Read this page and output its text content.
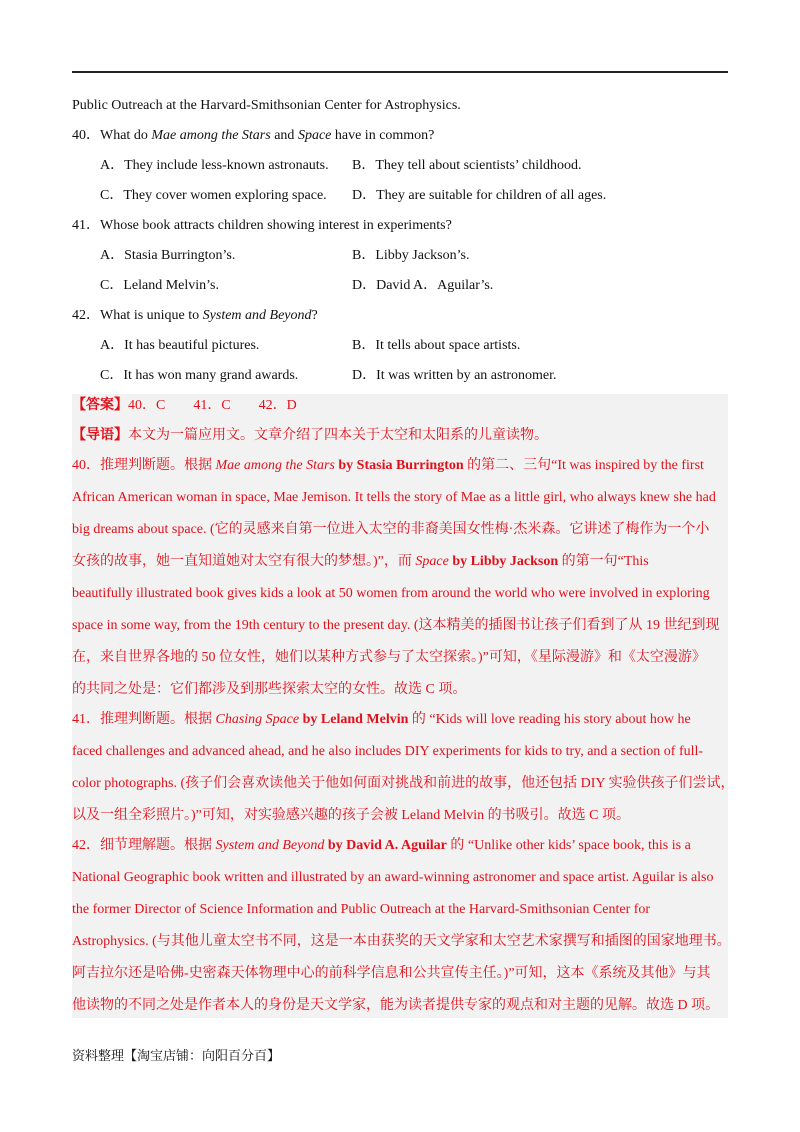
Public Outreach at the Harvard-Smithsonian Center for Astrophysics.
40．What do Mae among the Stars and Space have in common?
A．They include less-known astronauts. B．They tell about scientists’ childhood.
C．They cover women exploring space. D．They are suitable for children of all ages.
41．Whose book attracts children showing interest in experiments?
A．Stasia Burrington’s.	B．Libby Jackson’s.
C．Leland Melvin’s.	D．David A．Aguilar’s.
42．What is unique to System and Beyond?
A．It has beautiful pictures.	B．It tells about space artists.
C．It has won many grand awards.	D．It was written by an astronomer.
【答案】40．C　　41．C　　42．D
【导语】本文为一篇应用文。文章介绍了四本关于太空和太阳系的儿童读物。
40．推理判断题。根据 Mae among the Stars by Stasia Burrington 的第二、三句“It was inspired by the first
African American woman in space, Mae Jemison. It tells the story of Mae as a little girl, who always knew she had
big dreams about space. (它的灵感来自第一位进入太空的非裔美国女性梅·杰米森。它讲述了梅作为一个小
女孩的故事，她一直知道她对太空有很大的梦想。)”，而 Space by Libby Jackson 的第一句“This
beautifully illustrated book gives kids a look at 50 women from around the world who were involved in exploring
space in some way, from the 19th century to the present day. (这本精美的插图书让孩子们看到了从 19 世纪到现
在，来自世界各地的 50 位女性，她们以某种方式参与了太空探索。)”可知，《星际漫游》和《太空漫游》
的共同之处是：它们都涉及到那些探索太空的女性。故选 C 项。
41．推理判断题。根据 Chasing Space by Leland Melvin 的 “Kids will love reading his story about how he
faced challenges and advanced ahead, and he also includes DIY experiments for kids to try, and a section of full-
color photographs. (孩子们会喜欢读他关于他如何面对挑战和前进的故事，他还包括 DIY 实验供孩子们尝试，
以及一组全彩照片。)”可知，对实验感兴趣的孩子会被 Leland Melvin 的书吸引。故选 C 项。
42．细节理解题。根据 System and Beyond by David A. Aguilar 的 “Unlike other kids’ space book, this is a
National Geographic book written and illustrated by an award-winning astronomer and space artist. Aguilar is also
the former Director of Science Information and Public Outreach at the Harvard-Smithsonian Center for
Astrophysics. (与其他儿童太空书不同，这是一本由获奖的天文学家和太空艺术家撰写和插图的国家地理书。
阿吉拉尔还是哈佛-史密森天体物理中心的前科学信息和公共宣传主任。)”可知，这本《系统及其他》与其
他读物的不同之处是作者本人的身份是天文学家，能为读者提供专家的观点和对主题的见解。故选 D 项。
资料整理【淘宝店铺：向阳百分百】
